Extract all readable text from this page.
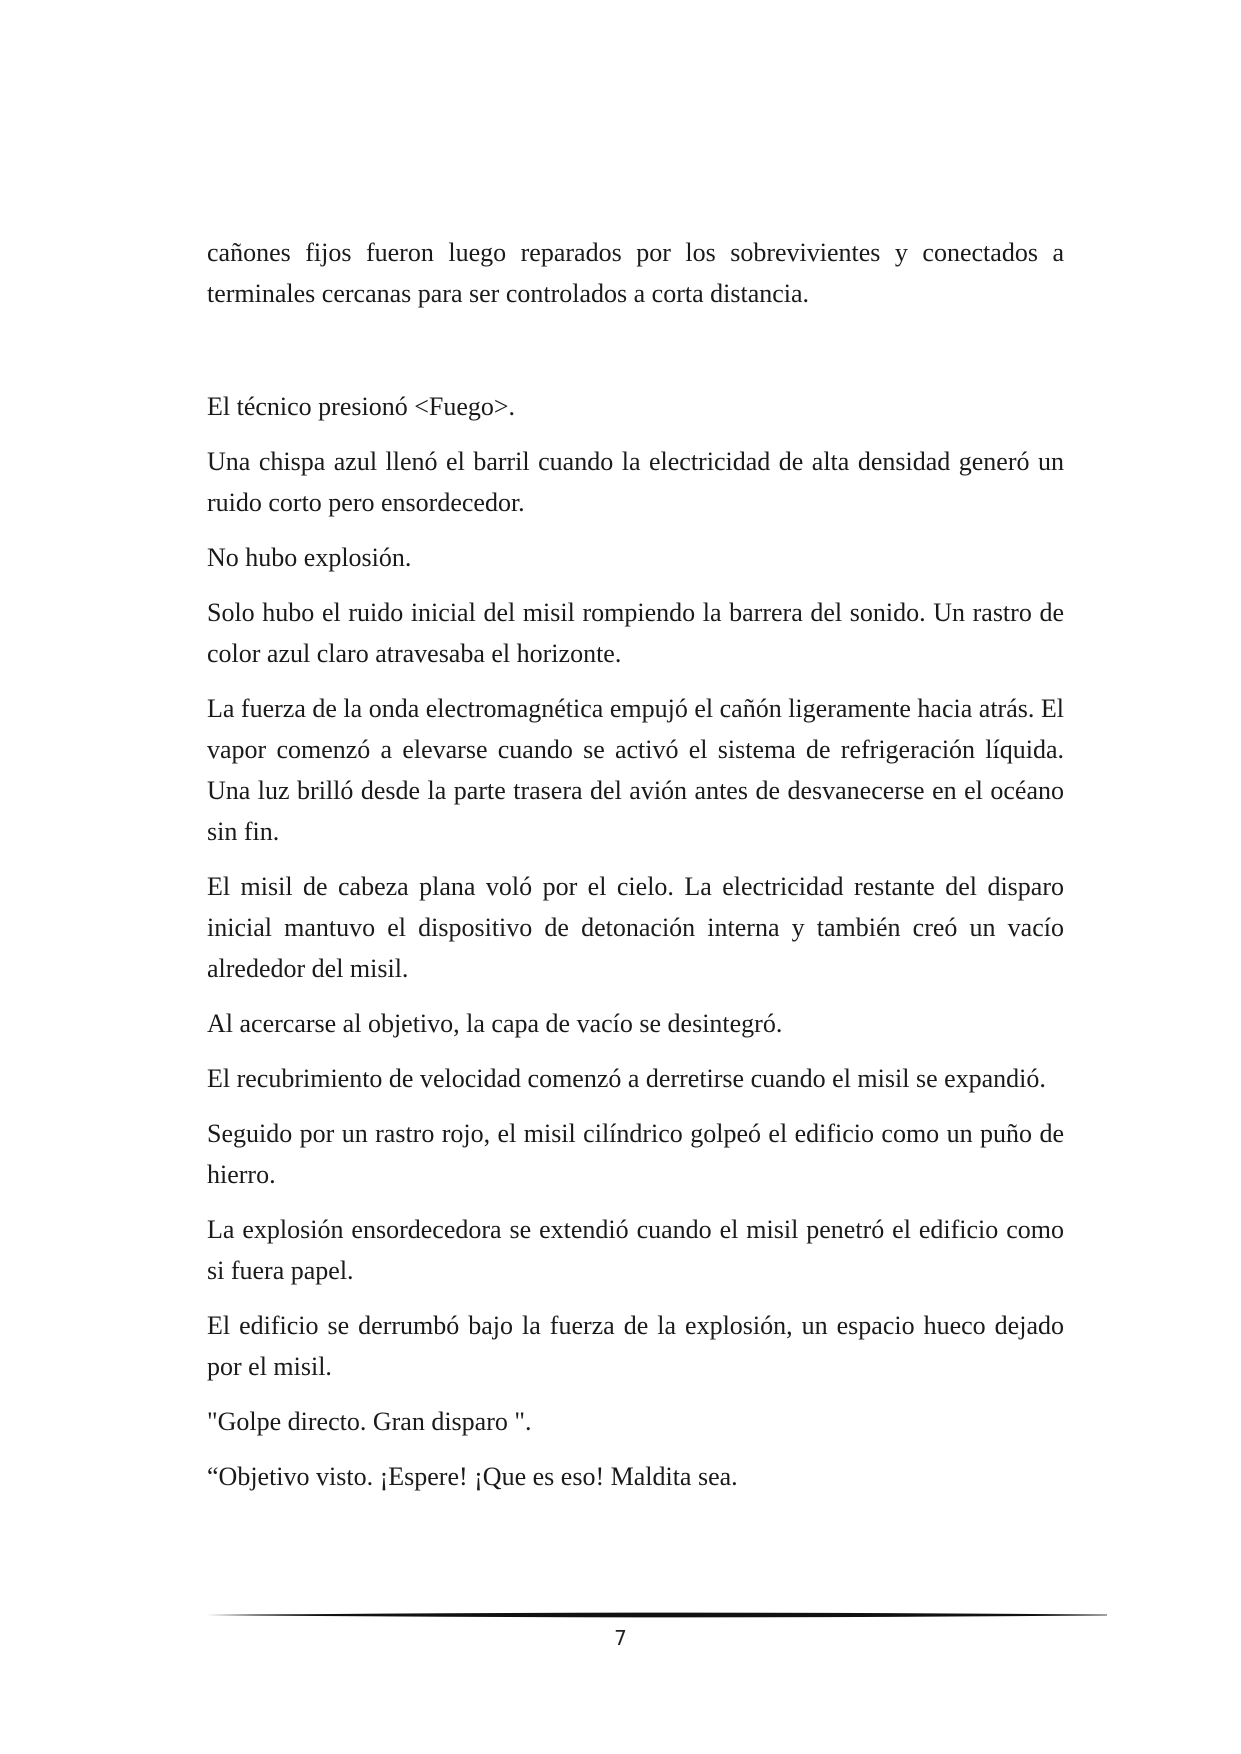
cañones fijos fueron luego reparados por los sobrevivientes y conectados a terminales cercanas para ser controlados a corta distancia.

El técnico presionó <Fuego>.

Una chispa azul llenó el barril cuando la electricidad de alta densidad generó un ruido corto pero ensordecedor.

No hubo explosión.

Solo hubo el ruido inicial del misil rompiendo la barrera del sonido. Un rastro de color azul claro atravesaba el horizonte.

La fuerza de la onda electromagnética empujó el cañón ligeramente hacia atrás. El vapor comenzó a elevarse cuando se activó el sistema de refrigeración líquida. Una luz brilló desde la parte trasera del avión antes de desvanecerse en el océano sin fin.

El misil de cabeza plana voló por el cielo. La electricidad restante del disparo inicial mantuvo el dispositivo de detonación interna y también creó un vacío alrededor del misil.

Al acercarse al objetivo, la capa de vacío se desintegró.

El recubrimiento de velocidad comenzó a derretirse cuando el misil se expandió.

Seguido por un rastro rojo, el misil cilíndrico golpeó el edificio como un puño de hierro.

La explosión ensordecedora se extendió cuando el misil penetró el edificio como si fuera papel.

El edificio se derrumbó bajo la fuerza de la explosión, un espacio hueco dejado por el misil.

"Golpe directo. Gran disparo ".

“Objetivo visto. ¡Espere! ¡Que es eso! Maldita sea.

7
